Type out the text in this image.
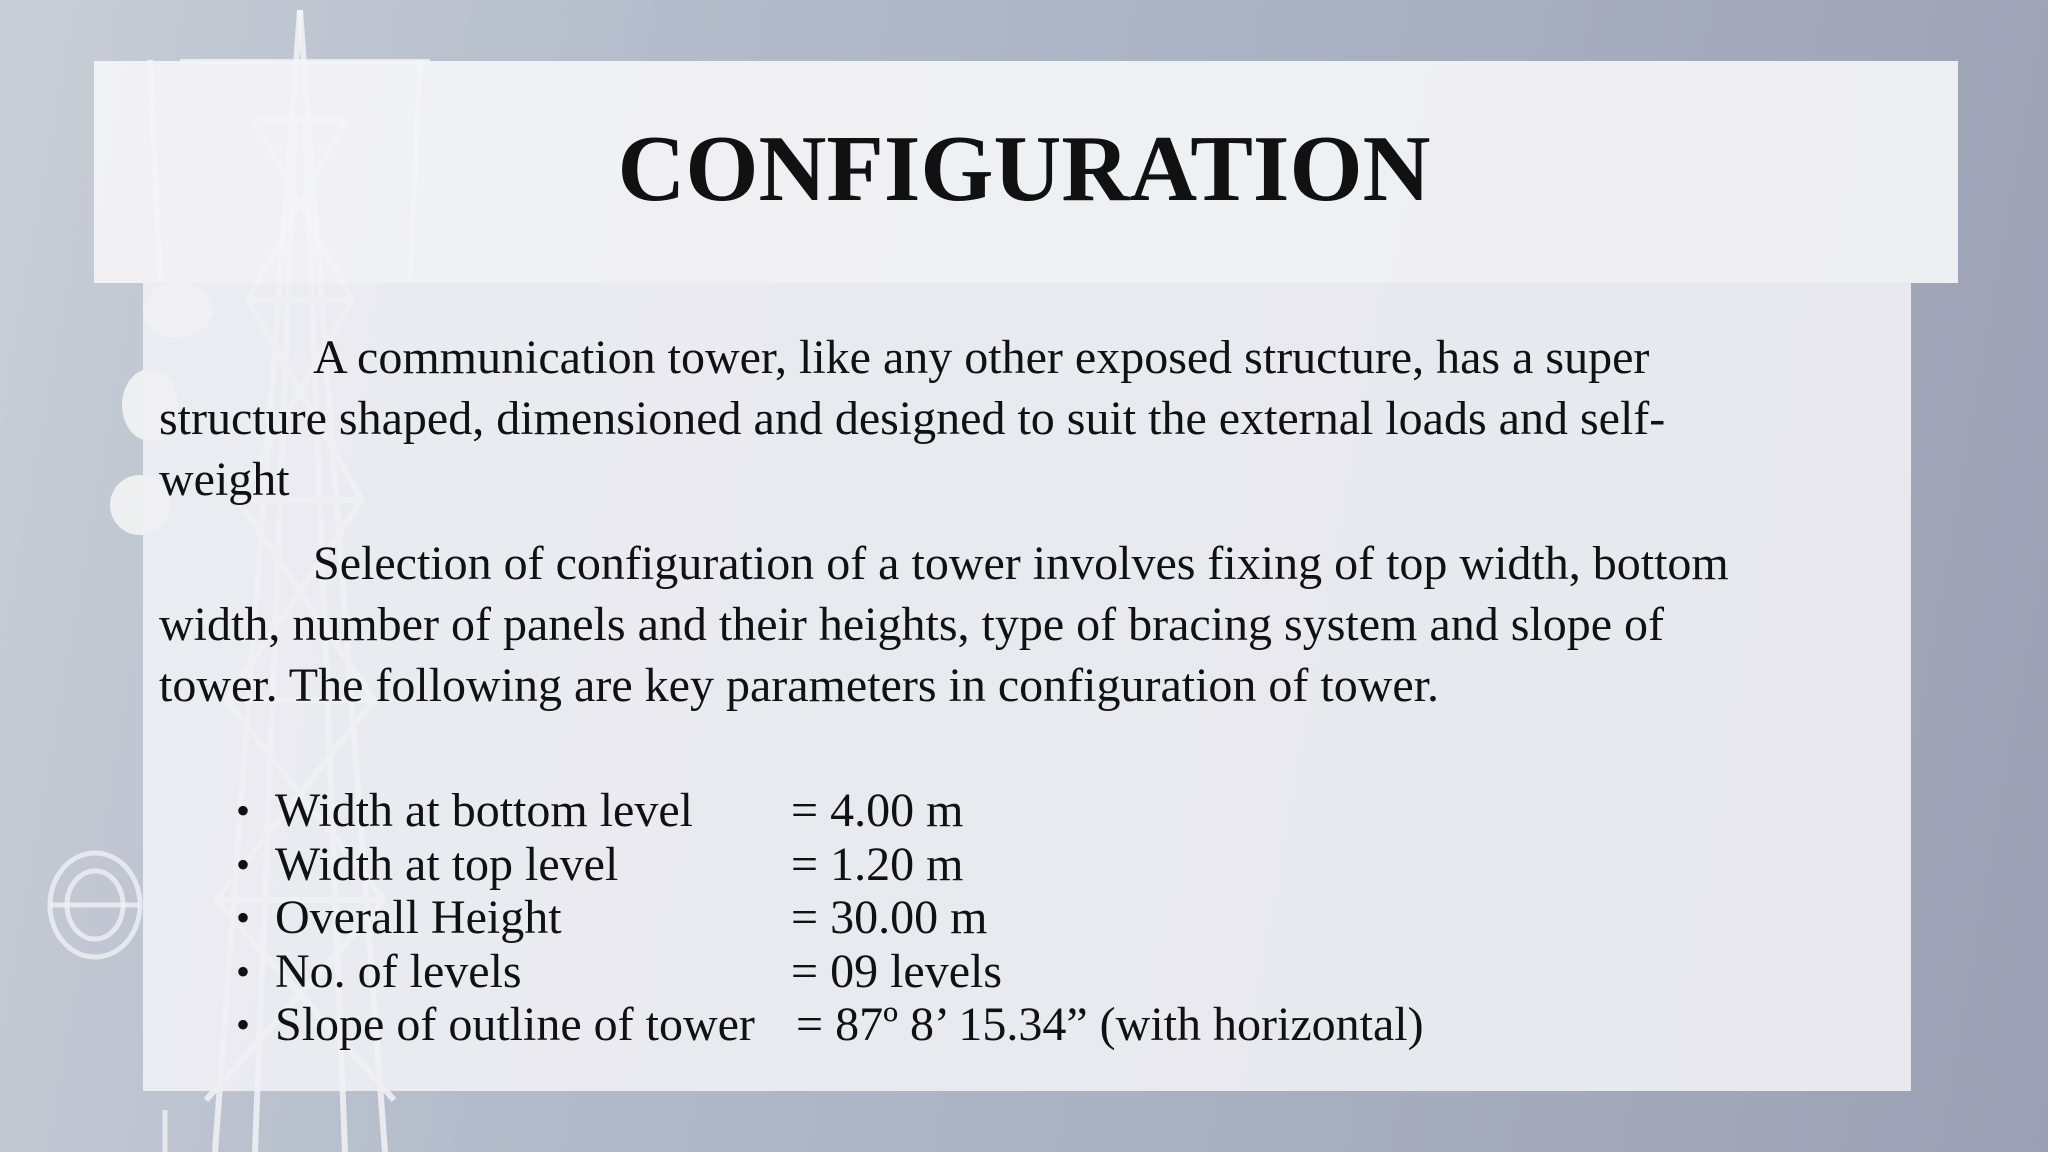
CONFIGURATION

A communication tower, like any other exposed structure, has a super
structure shaped, dimensioned and designed to suit the external loads and self-
weight

Selection of configuration of a tower involves fixing of top width, bottom
width, number of panels and their heights, type of bracing system and slope of
tower. The following are key parameters in configuration of tower.

• Width at bottom level = 4.00 m
• Width at top level	= 1.20 m
• Overall Height	= 30.00 m
• No. of levels	= 09 levels
• Slope of outline of tower = 87º 8’ 15.34” (with horizontal)
